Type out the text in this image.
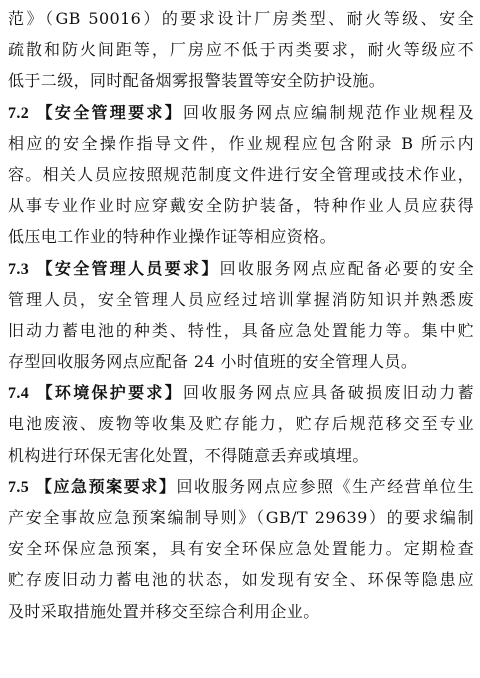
范》（GB 50016）的要求设计厂房类型、耐火等级、安全
疏散和防火间距等，厂房应不低于丙类要求，耐火等级应不
低于二级，同时配备烟雾报警装置等安全防护设施。
7.2 【安全管理要求】回收服务网点应编制规范作业规程及
相应的安全操作指导文件，作业规程应包含附录 B 所示内
容。相关人员应按照规范制度文件进行安全管理或技术作业，
从事专业作业时应穿戴安全防护装备，特种作业人员应获得
低压电工作业的特种作业操作证等相应资格。
7.3 【安全管理人员要求】回收服务网点应配备必要的安全
管理人员，安全管理人员应经过培训掌握消防知识并熟悉废
旧动力蓄电池的种类、特性，具备应急处置能力等。集中贮
存型回收服务网点应配备 24 小时值班的安全管理人员。
7.4 【环境保护要求】回收服务网点应具备破损废旧动力蓄
电池废液、废物等收集及贮存能力，贮存后规范移交至专业
机构进行环保无害化处置，不得随意丢弃或填埋。
7.5 【应急预案要求】回收服务网点应参照《生产经营单位生
产安全事故应急预案编制导则》（GB/T 29639）的要求编制
安全环保应急预案，具有安全环保应急处置能力。定期检查
贮存废旧动力蓄电池的状态，如发现有安全、环保等隐患应
及时采取措施处置并移交至综合利用企业。
